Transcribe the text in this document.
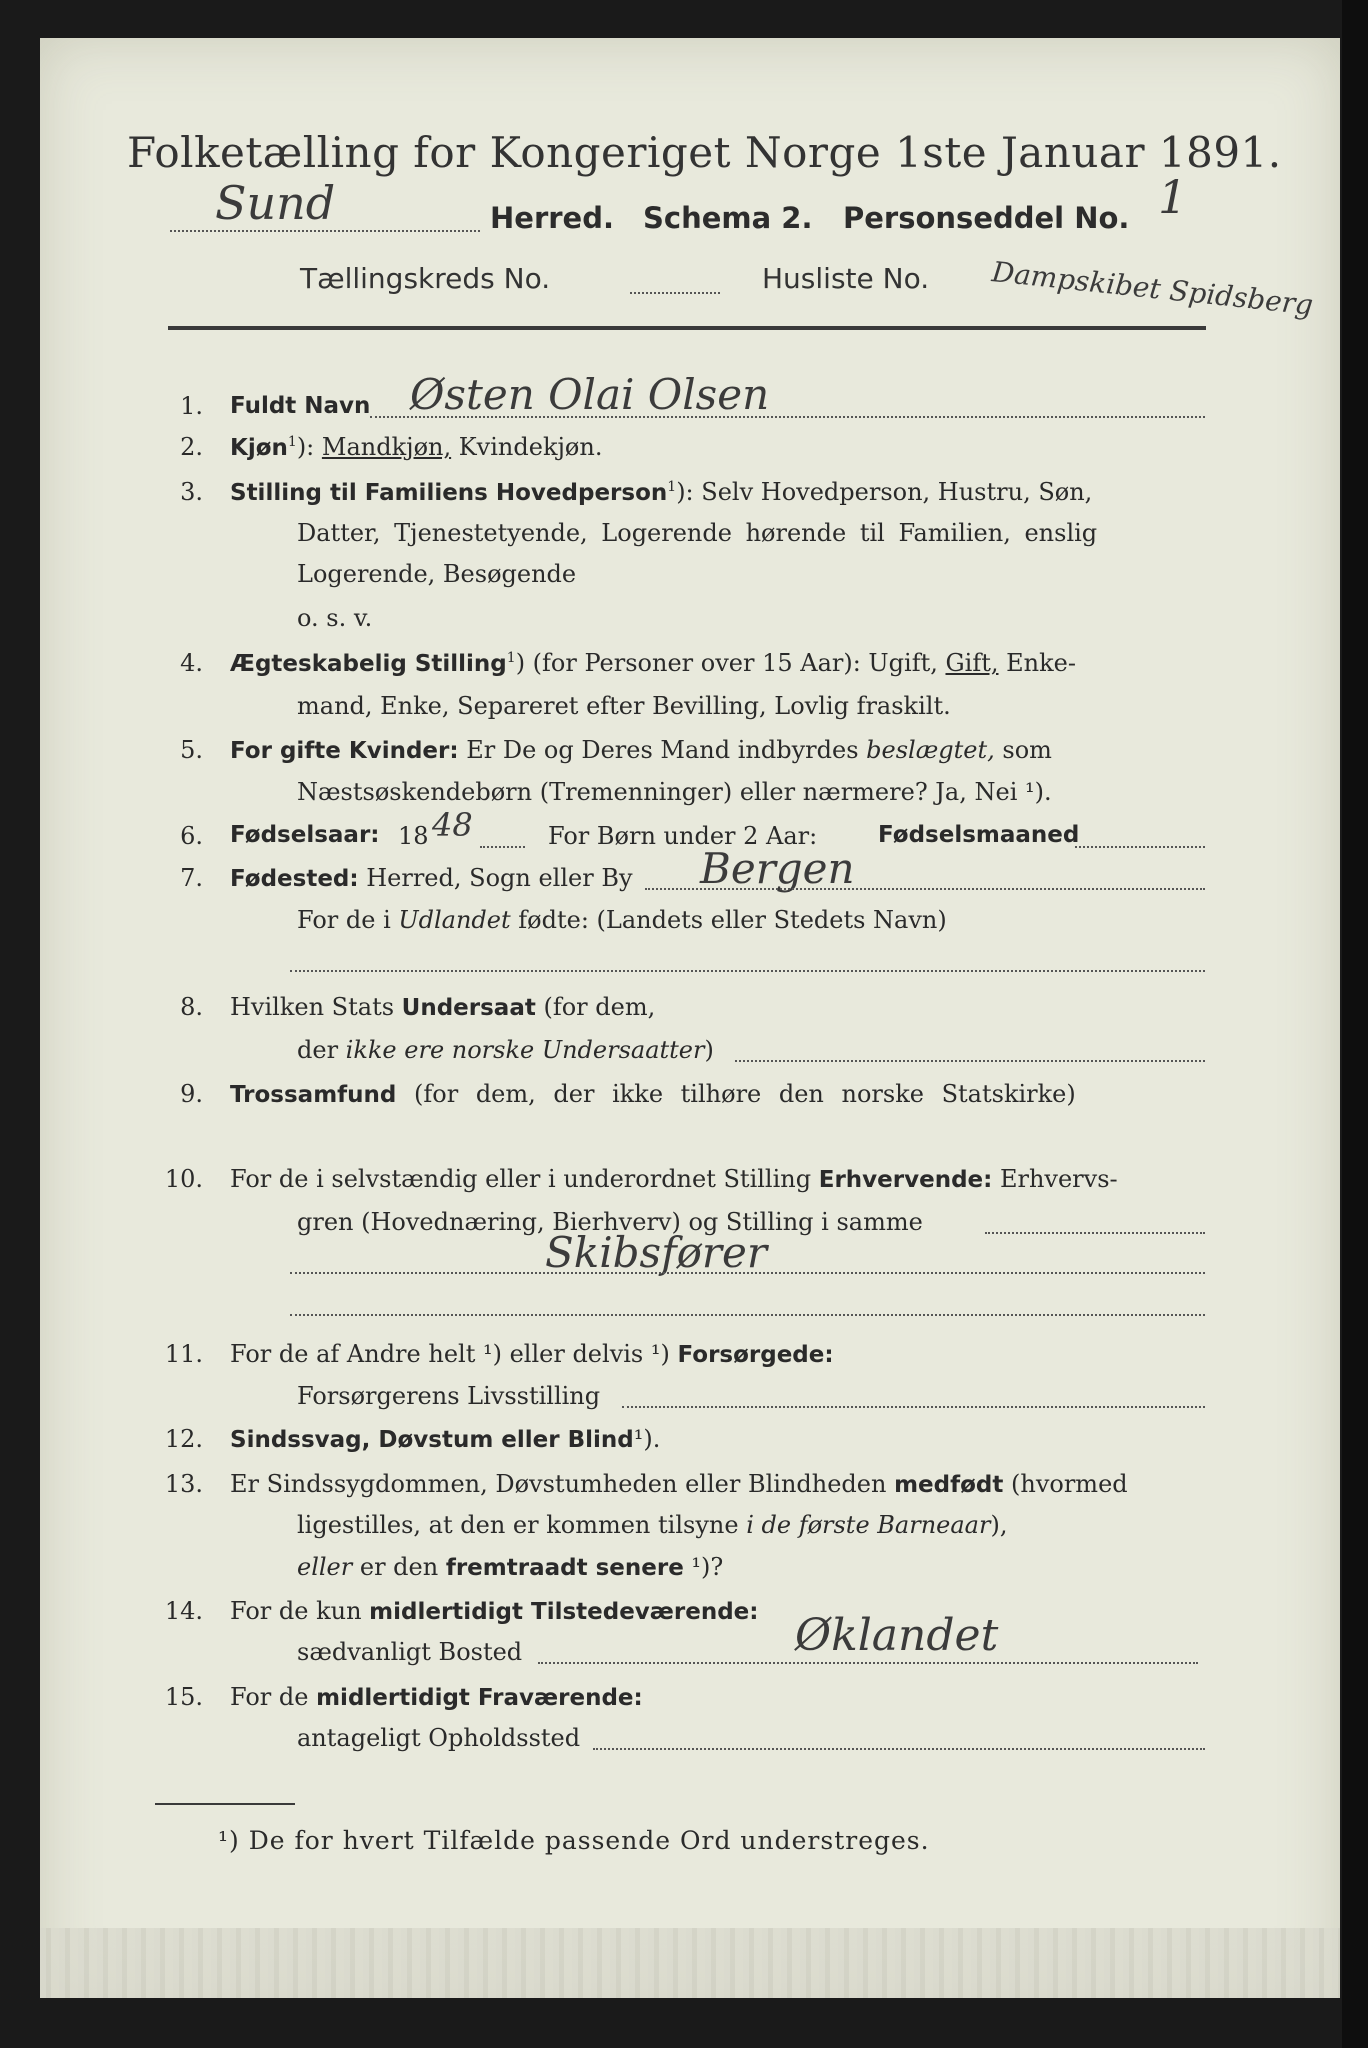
Folketælling for Kongeriget Norge 1ste Januar 1891.
Sund	Herred. Schema 2. Personseddel No. 1
Tællingskreds No.	Husliste No. Dampskibet Spidsberg
1. Fuldt Navn Østen Olai Olsen
2. Kjøn$^1$): Mandkjøn, Kvindekjøn.
3. Stilling til Familiens Hovedperson$^1$): Selv Hovedperson, Hustru, Søn,
Datter, Tjenestetyende, Logerende hørende til Familien, enslig
Logerende, Besøgende
o. s. v.
4. Ægteskabelig Stilling$^1$) (for Personer over 15 Aar): Ugift, Gift, Enke-
mand, Enke, Separeret efter Bevilling, Lovlig fraskilt.
5. For gifte Kvinder: Er De og Deres Mand indbyrdes beslægtet, som
Næstsøskendebørn (Tremenninger) eller nærmere? Ja, Nei ¹).
6. Fødselsaar: 18 48	For Børn under 2 Aar:	Fødselsmaaned
7. Fødested: Herred, Sogn eller By Bergen
For de i Udlandet fødte: (Landets eller Stedets Navn)
8. Hvilken Stats Undersaat (for dem,
der ikke ere norske Undersaatter)
9. Trossamfund (for dem, der ikke tilhøre den norske Statskirke)
10. For de i selvstændig eller i underordnet Stilling Erhvervende: Erhvervs-
gren (Hovednæring, Bierhverv) og Stilling i samme
Skibsfører
11. For de af Andre helt ¹) eller delvis ¹) Forsørgede:
Forsørgerens Livsstilling
12. Sindssvag, Døvstum eller Blind¹).
13. Er Sindssygdommen, Døvstumheden eller Blindheden medfødt (hvormed
ligestilles, at den er kommen tilsyne i de første Barneaar),
eller er den fremtraadt senere ¹)?
14. For de kun midlertidigt Tilstedeværende:
sædvanligt Bosted	Øklandet
15. For de midlertidigt Fraværende:
antageligt Opholdssted
¹) De for hvert Tilfælde passende Ord understreges.
